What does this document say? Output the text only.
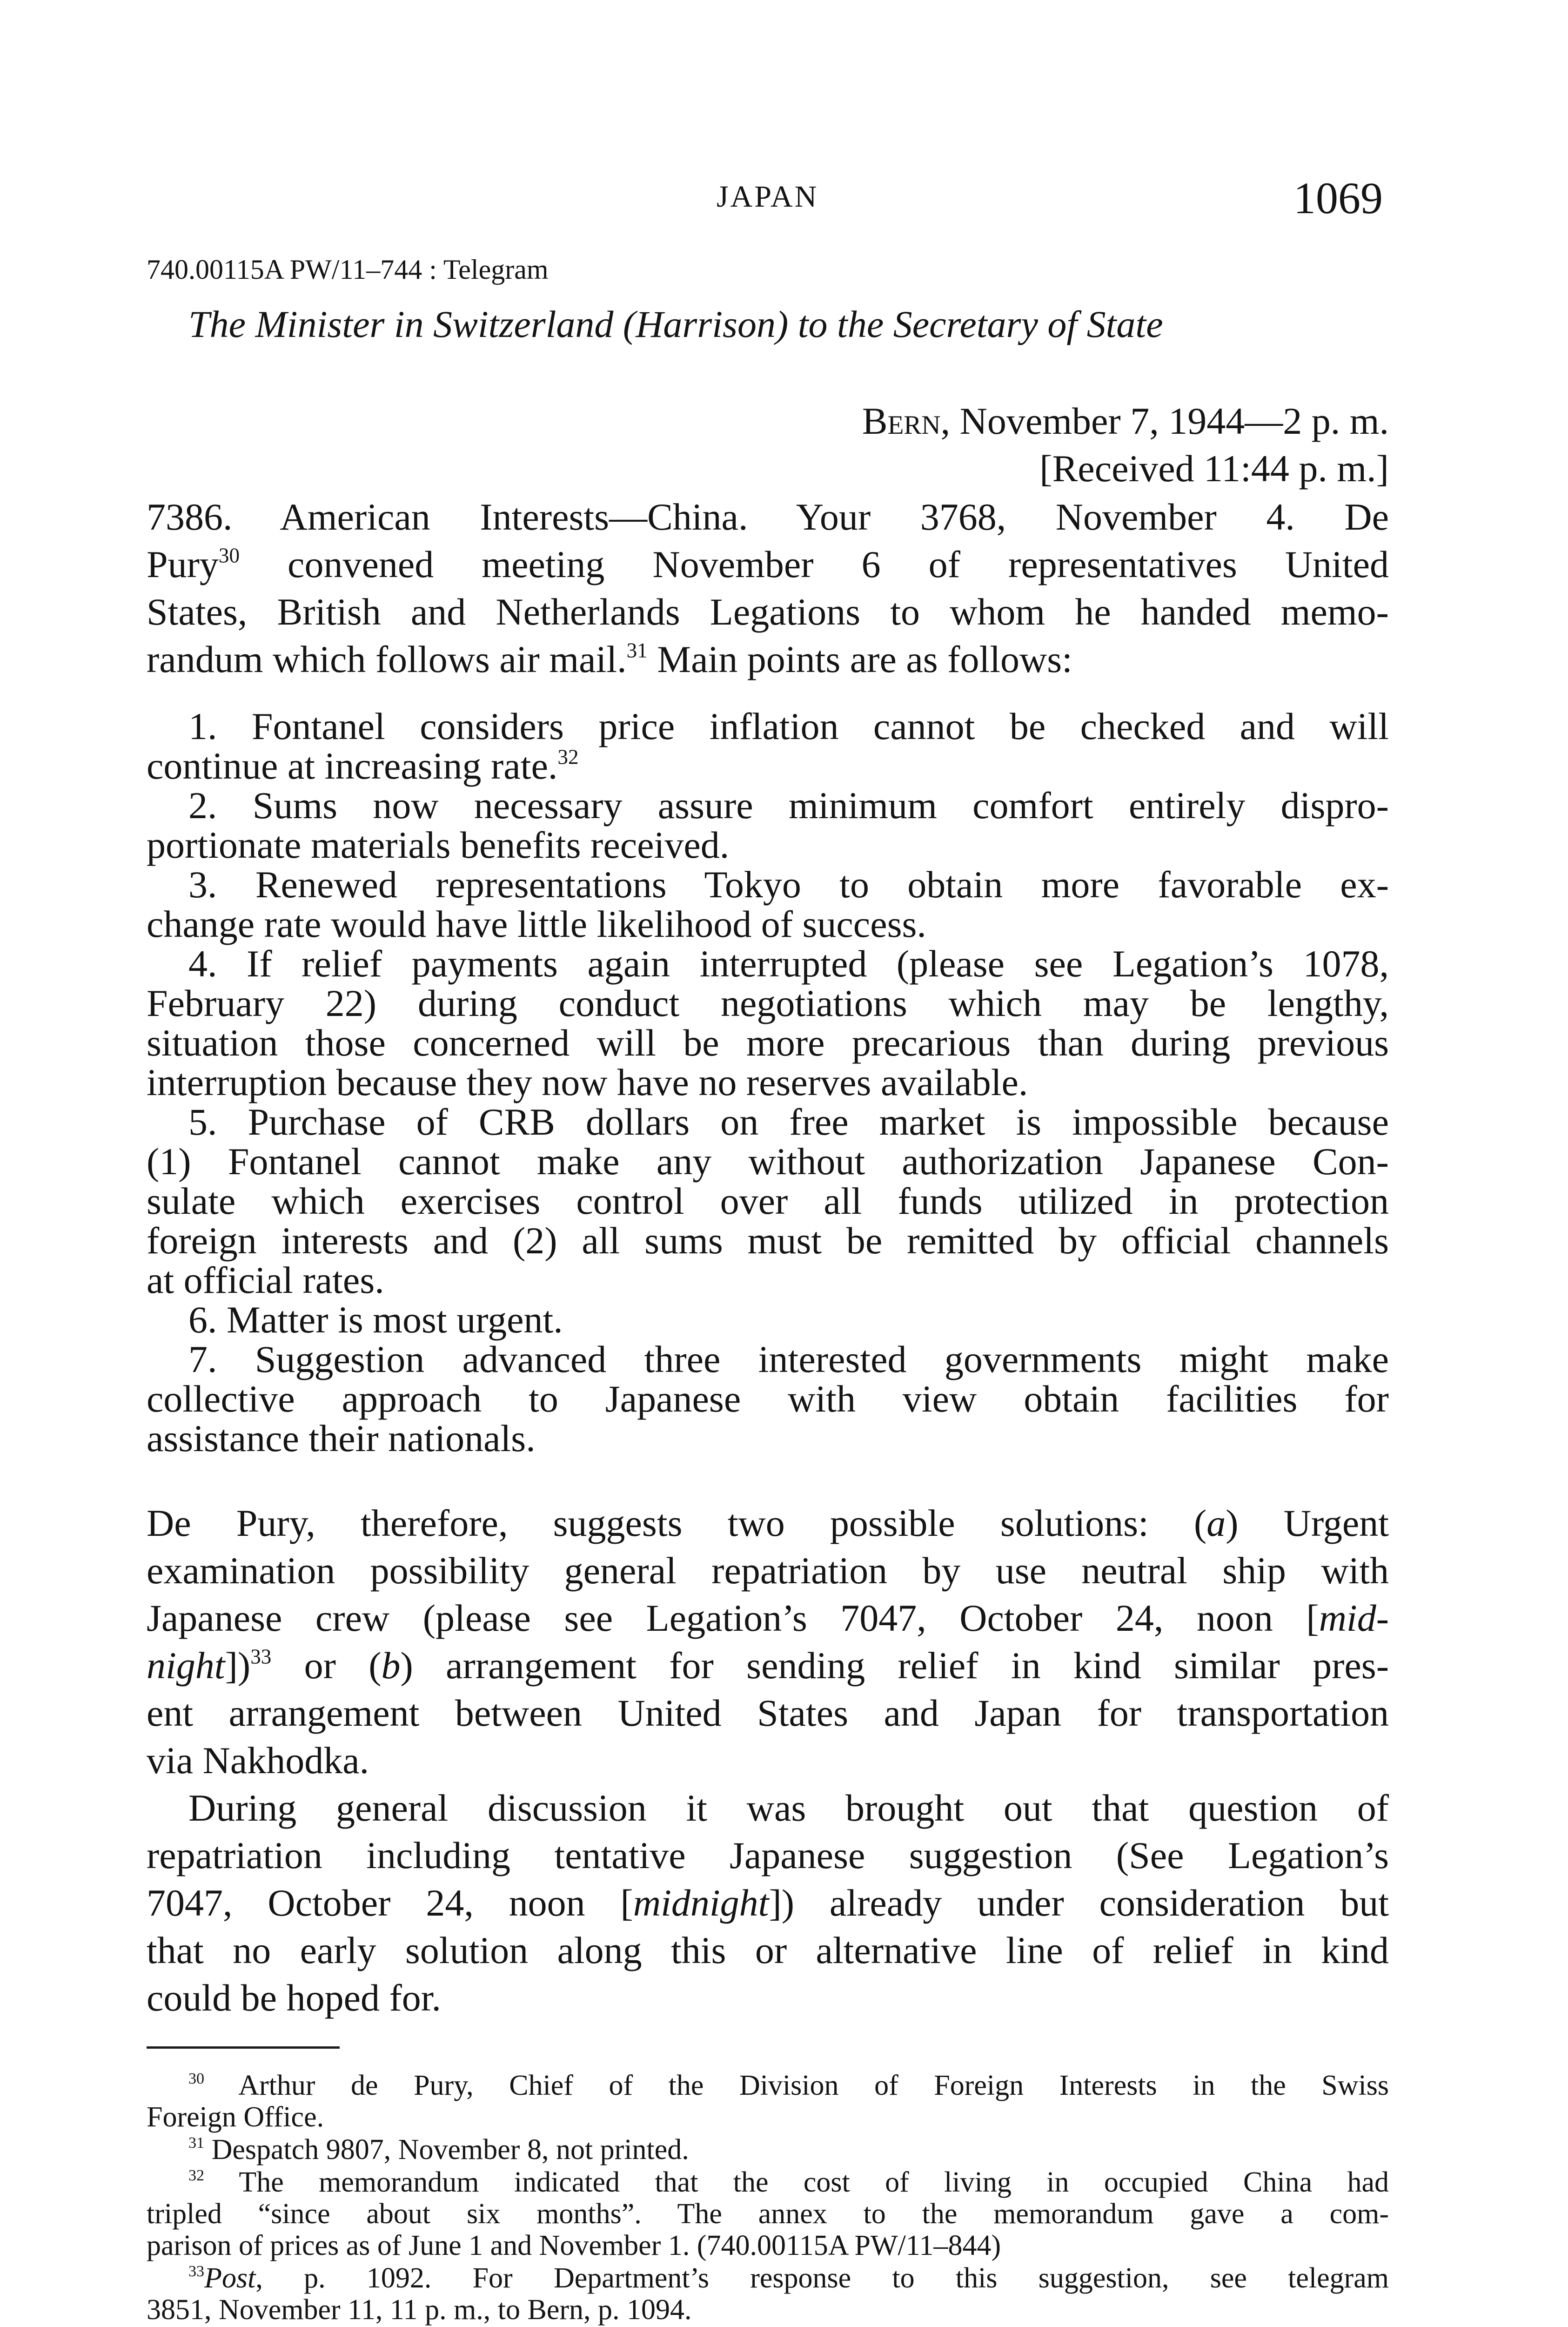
JAPAN	1069
740.00115A PW/11–744 : Telegram
The Minister in Switzerland (Harrison) to the Secretary of State
Bern, November 7, 1944—2 p. m.
[Received 11:44 p. m.]
7386. American Interests—China. Your 3768, November 4. De
Pury$^{30}$ convened meeting November 6 of representatives United
States, British and Netherlands Legations to whom he handed memo-
randum which follows air mail.$^{31}$ Main points are as follows:
1. Fontanel considers price inflation cannot be checked and will
continue at increasing rate.$^{32}$
2. Sums now necessary assure minimum comfort entirely dispro-
portionate materials benefits received.
3. Renewed representations Tokyo to obtain more favorable ex-
change rate would have little likelihood of success.
4. If relief payments again interrupted (please see Legation’s 1078,
February 22) during conduct negotiations which may be lengthy,
situation those concerned will be more precarious than during previous
interruption because they now have no reserves available.
5. Purchase of CRB dollars on free market is impossible because
(1) Fontanel cannot make any without authorization Japanese Con-
sulate which exercises control over all funds utilized in protection
foreign interests and (2) all sums must be remitted by official channels
at official rates.
6. Matter is most urgent.
7. Suggestion advanced three interested governments might make
collective approach to Japanese with view obtain facilities for
assistance their nationals.
De Pury, therefore, suggests two possible solutions: (a) Urgent
examination possibility general repatriation by use neutral ship with
Japanese crew (please see Legation’s 7047, October 24, noon [mid-
night])$^{33}$ or (b) arrangement for sending relief in kind similar pres-
ent arrangement between United States and Japan for transportation
via Nakhodka.
During general discussion it was brought out that question of
repatriation including tentative Japanese suggestion (See Legation’s
7047, October 24, noon [midnight]) already under consideration but
that no early solution along this or alternative line of relief in kind
could be hoped for.
$^{30}$ Arthur de Pury, Chief of the Division of Foreign Interests in the Swiss
Foreign Office.
$^{31}$ Despatch 9807, November 8, not printed.
$^{32}$ The memorandum indicated that the cost of living in occupied China had
tripled “since about six months”. The annex to the memorandum gave a com-
parison of prices as of June 1 and November 1. (740.00115A PW/11–844)
$^{33}$Post, p. 1092. For Department’s response to this suggestion, see telegram
3851, November 11, 11 p. m., to Bern, p. 1094.
